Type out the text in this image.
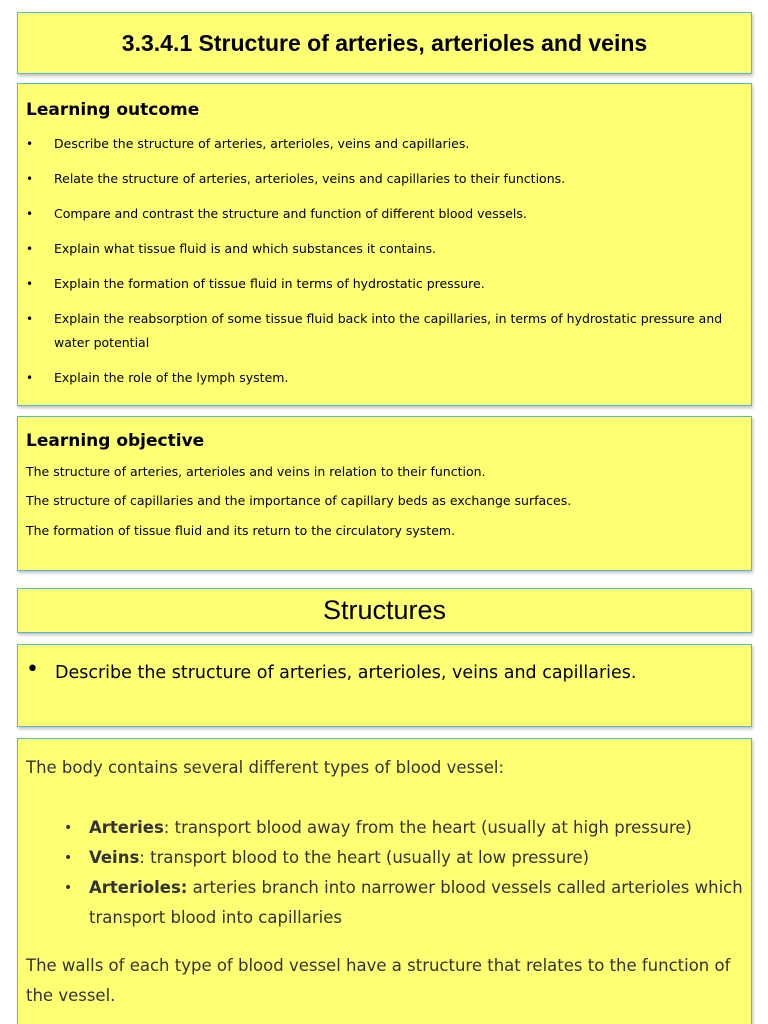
3.3.4.1 Structure of arteries, arterioles and veins
Learning outcome
• Describe the structure of arteries, arterioles, veins and capillaries.
• Relate the structure of arteries, arterioles, veins and capillaries to their functions.
• Compare and contrast the structure and function of different blood vessels.
• Explain what tissue fluid is and which substances it contains.
• Explain the formation of tissue fluid in terms of hydrostatic pressure.
• Explain the reabsorption of some tissue fluid back into the capillaries, in terms of hydrostatic pressure and water potential
• Explain the role of the lymph system.
Learning objective

The structure of arteries, arterioles and veins in relation to their function.

The structure of capillaries and the importance of capillary beds as exchange surfaces.

The formation of tissue fluid and its return to the circulatory system.

Structures
• Describe the structure of arteries, arterioles, veins and capillaries.

The body contains several different types of blood vessel:

• Arteries: transport blood away from the heart (usually at high pressure)
• Veins: transport blood to the heart (usually at low pressure)
• Arterioles: arteries branch into narrower blood vessels called arterioles which transport blood into capillaries

The walls of each type of blood vessel have a structure that relates to the function of the vessel.
